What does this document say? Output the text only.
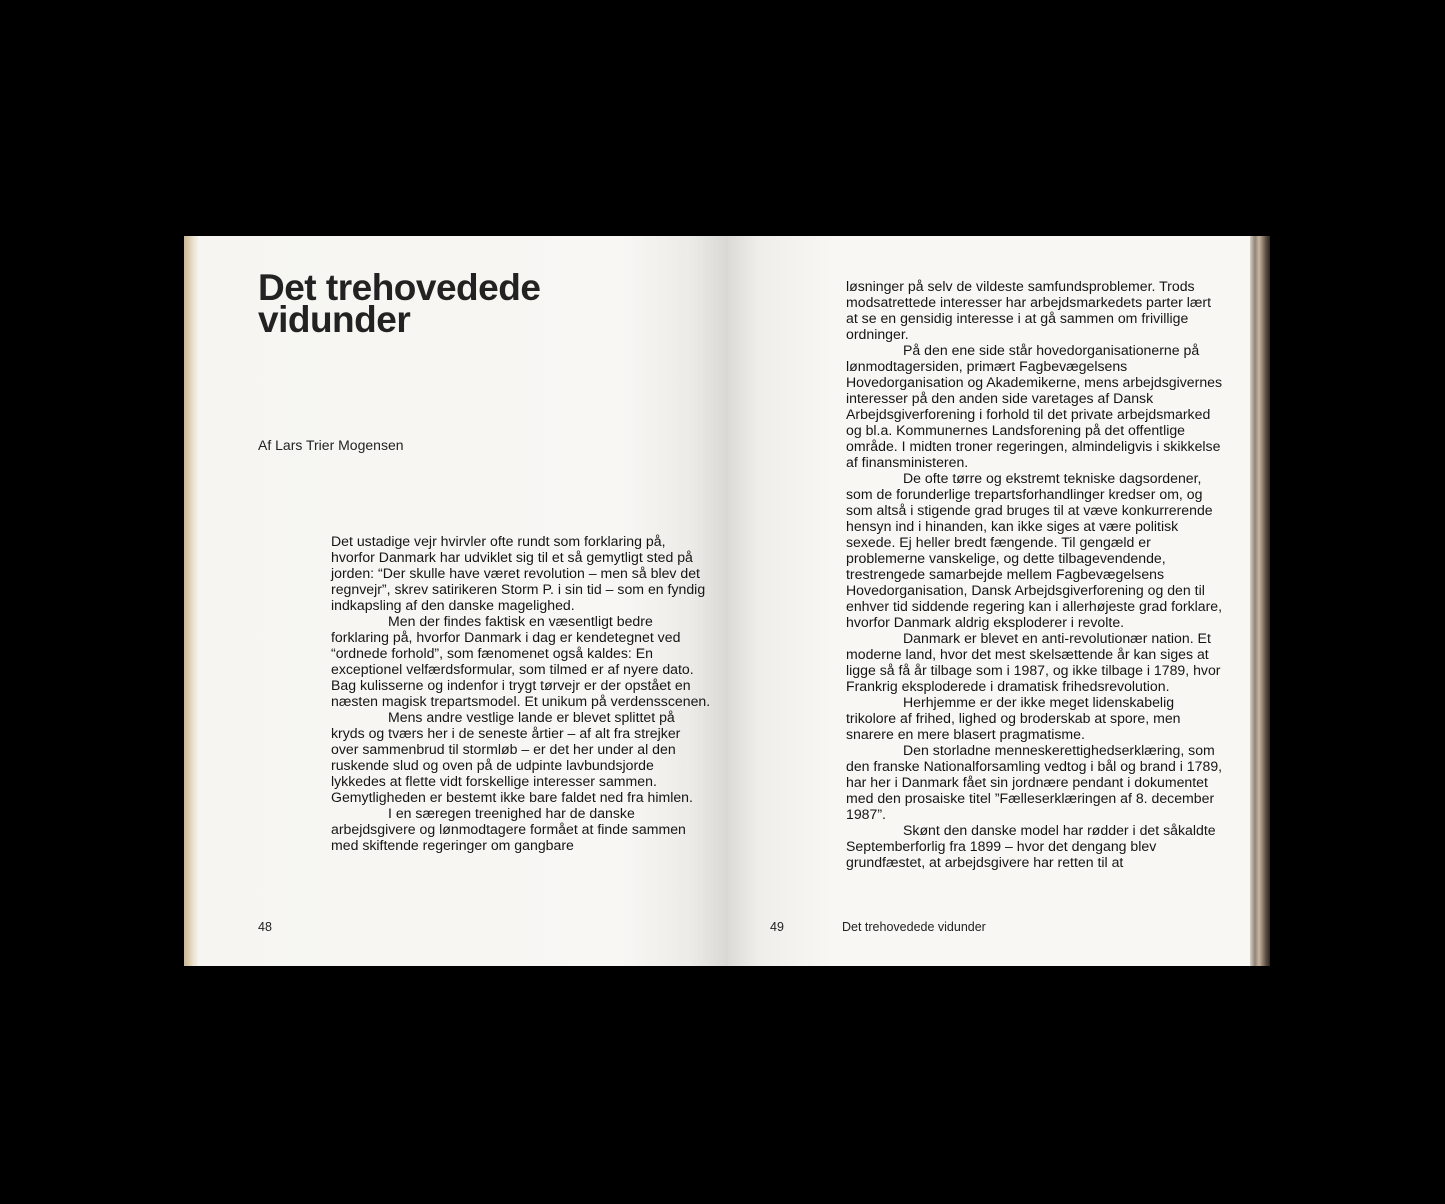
Det trehovedede vidunder
Af Lars Trier Mogensen

Det ustadige vejr hvirvler ofte rundt som forklaring på, hvorfor Danmark har udviklet sig til et så gemytligt sted på jorden: “Der skulle have været revolution – men så blev det regnvejr”, skrev satirikeren Storm P. i sin tid – som en fyndig indkapsling af den danske magelighed.

Men der findes faktisk en væsentligt bedre forklaring på, hvorfor Danmark i dag er kendetegnet ved “ordnede forhold”, som fænomenet også kaldes: En exceptionel velfærdsformular, som tilmed er af nyere dato. Bag kulisserne og indenfor i trygt tørvejr er der opstået en næsten magisk trepartsmodel. Et unikum på verdensscenen.

Mens andre vestlige lande er blevet splittet på kryds og tværs her i de seneste årtier – af alt fra strejker over sammenbrud til stormløb – er det her under al den ruskende slud og oven på de udpinte lavbundsjorde lykkedes at flette vidt forskellige interesser sammen. Gemytligheden er bestemt ikke bare faldet ned fra himlen.

I en særegen treenighed har de danske arbejdsgivere og lønmodtagere formået at finde sammen med skiftende regeringer om gangbare

48

løsninger på selv de vildeste samfundsproblemer. Trods modsatrettede interesser har arbejdsmarkedets parter lært at se en gensidig interesse i at gå sammen om frivillige ordninger.

På den ene side står hovedorganisationerne på lønmodtagersiden, primært Fagbevægelsens Hovedorganisation og Akademikerne, mens arbejdsgivernes interesser på den anden side varetages af Dansk Arbejdsgiverforening i forhold til det private arbejdsmarked og bl.a. Kommunernes Landsforening på det offentlige område. I midten troner regeringen, almindeligvis i skikkelse af finansministeren.

De ofte tørre og ekstremt tekniske dagsordener, som de forunderlige trepartsforhandlinger kredser om, og som altså i stigende grad bruges til at væve konkurrerende hensyn ind i hinanden, kan ikke siges at være politisk sexede. Ej heller bredt fængende. Til gengæld er problemerne vanskelige, og dette tilbagevendende, trestrengede samarbejde mellem Fagbevægelsens Hovedorganisation, Dansk Arbejdsgiverforening og den til enhver tid siddende regering kan i allerhøjeste grad forklare, hvorfor Danmark aldrig eksploderer i revolte.

Danmark er blevet en anti-revolutionær nation. Et moderne land, hvor det mest skelsættende år kan siges at ligge så få år tilbage som i 1987, og ikke tilbage i 1789, hvor Frankrig eksploderede i dramatisk frihedsrevolution.

Herhjemme er der ikke meget lidenskabelig trikolore af frihed, lighed og broderskab at spore, men snarere en mere blasert pragmatisme.

Den storladne menneskerettighedserklæring, som den franske Nationalforsamling vedtog i bål og brand i 1789, har her i Danmark fået sin jordnære pendant i dokumentet med den prosaiske titel ”Fælleserklæringen af 8. december 1987”.

Skønt den danske model har rødder i det såkaldte Septemberforlig fra 1899 – hvor det dengang blev grundfæstet, at arbejdsgivere har retten til at

49	Det trehovedede vidunder
